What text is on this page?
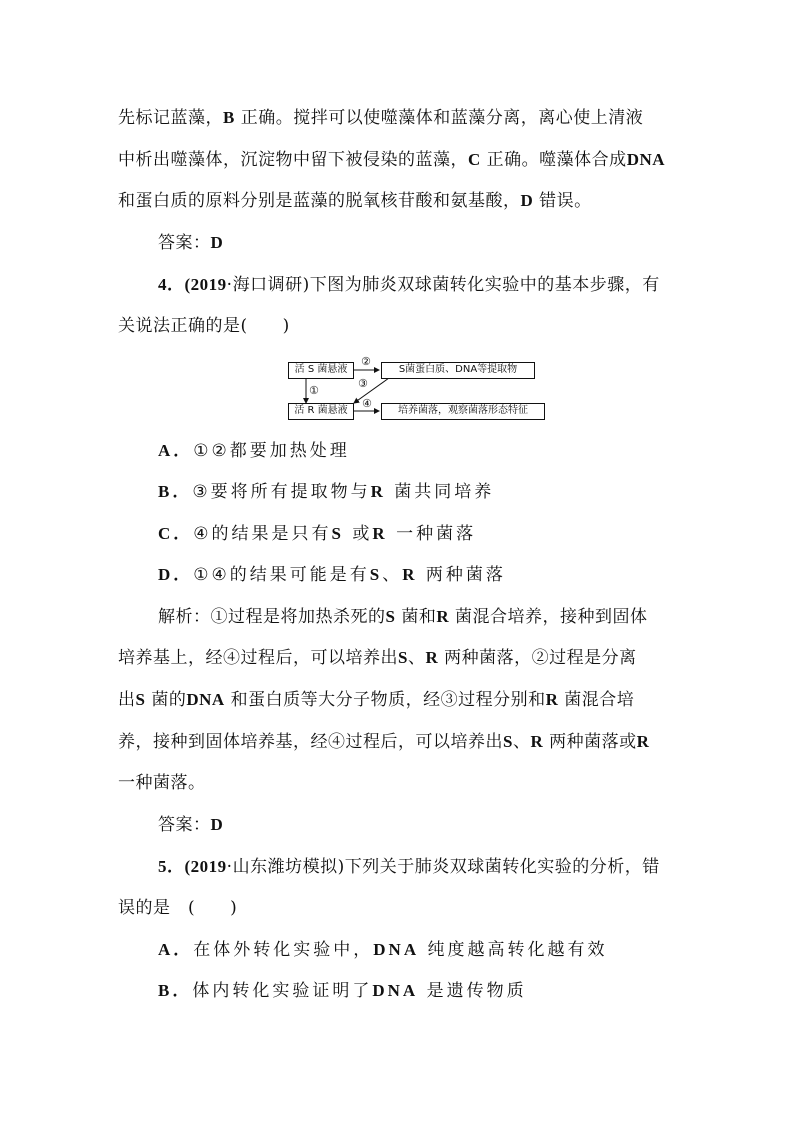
先标记蓝藻，B 正确。搅拌可以使噬藻体和蓝藻分离，离心使上清液
中析出噬藻体，沉淀物中留下被侵染的蓝藻，C 正确。噬藻体合成DNA
和蛋白质的原料分别是蓝藻的脱氧核苷酸和氨基酸，D 错误。
答案：D
4．(2019·海口调研)下图为肺炎双球菌转化实验中的基本步骤，有
关说法正确的是(　　)
活 S 菌悬液	S菌蛋白质、DNA等提取物
活 R 菌悬液	培养菌落，观察菌落形态特征
②
①
③
④
A．①②都要加热处理
B．③要将所有提取物与R 菌共同培养
C．④的结果是只有S 或R 一种菌落
D．①④的结果可能是有S、R 两种菌落
解析：①过程是将加热杀死的S 菌和R 菌混合培养，接种到固体
培养基上，经④过程后，可以培养出S、R 两种菌落，②过程是分离
出S 菌的DNA 和蛋白质等大分子物质，经③过程分别和R 菌混合培
养，接种到固体培养基，经④过程后，可以培养出S、R 两种菌落或R
一种菌落。
答案：D
5．(2019·山东潍坊模拟)下列关于肺炎双球菌转化实验的分析，错
误的是　(　　)
A．在体外转化实验中，DNA 纯度越高转化越有效
B．体内转化实验证明了DNA 是遗传物质
